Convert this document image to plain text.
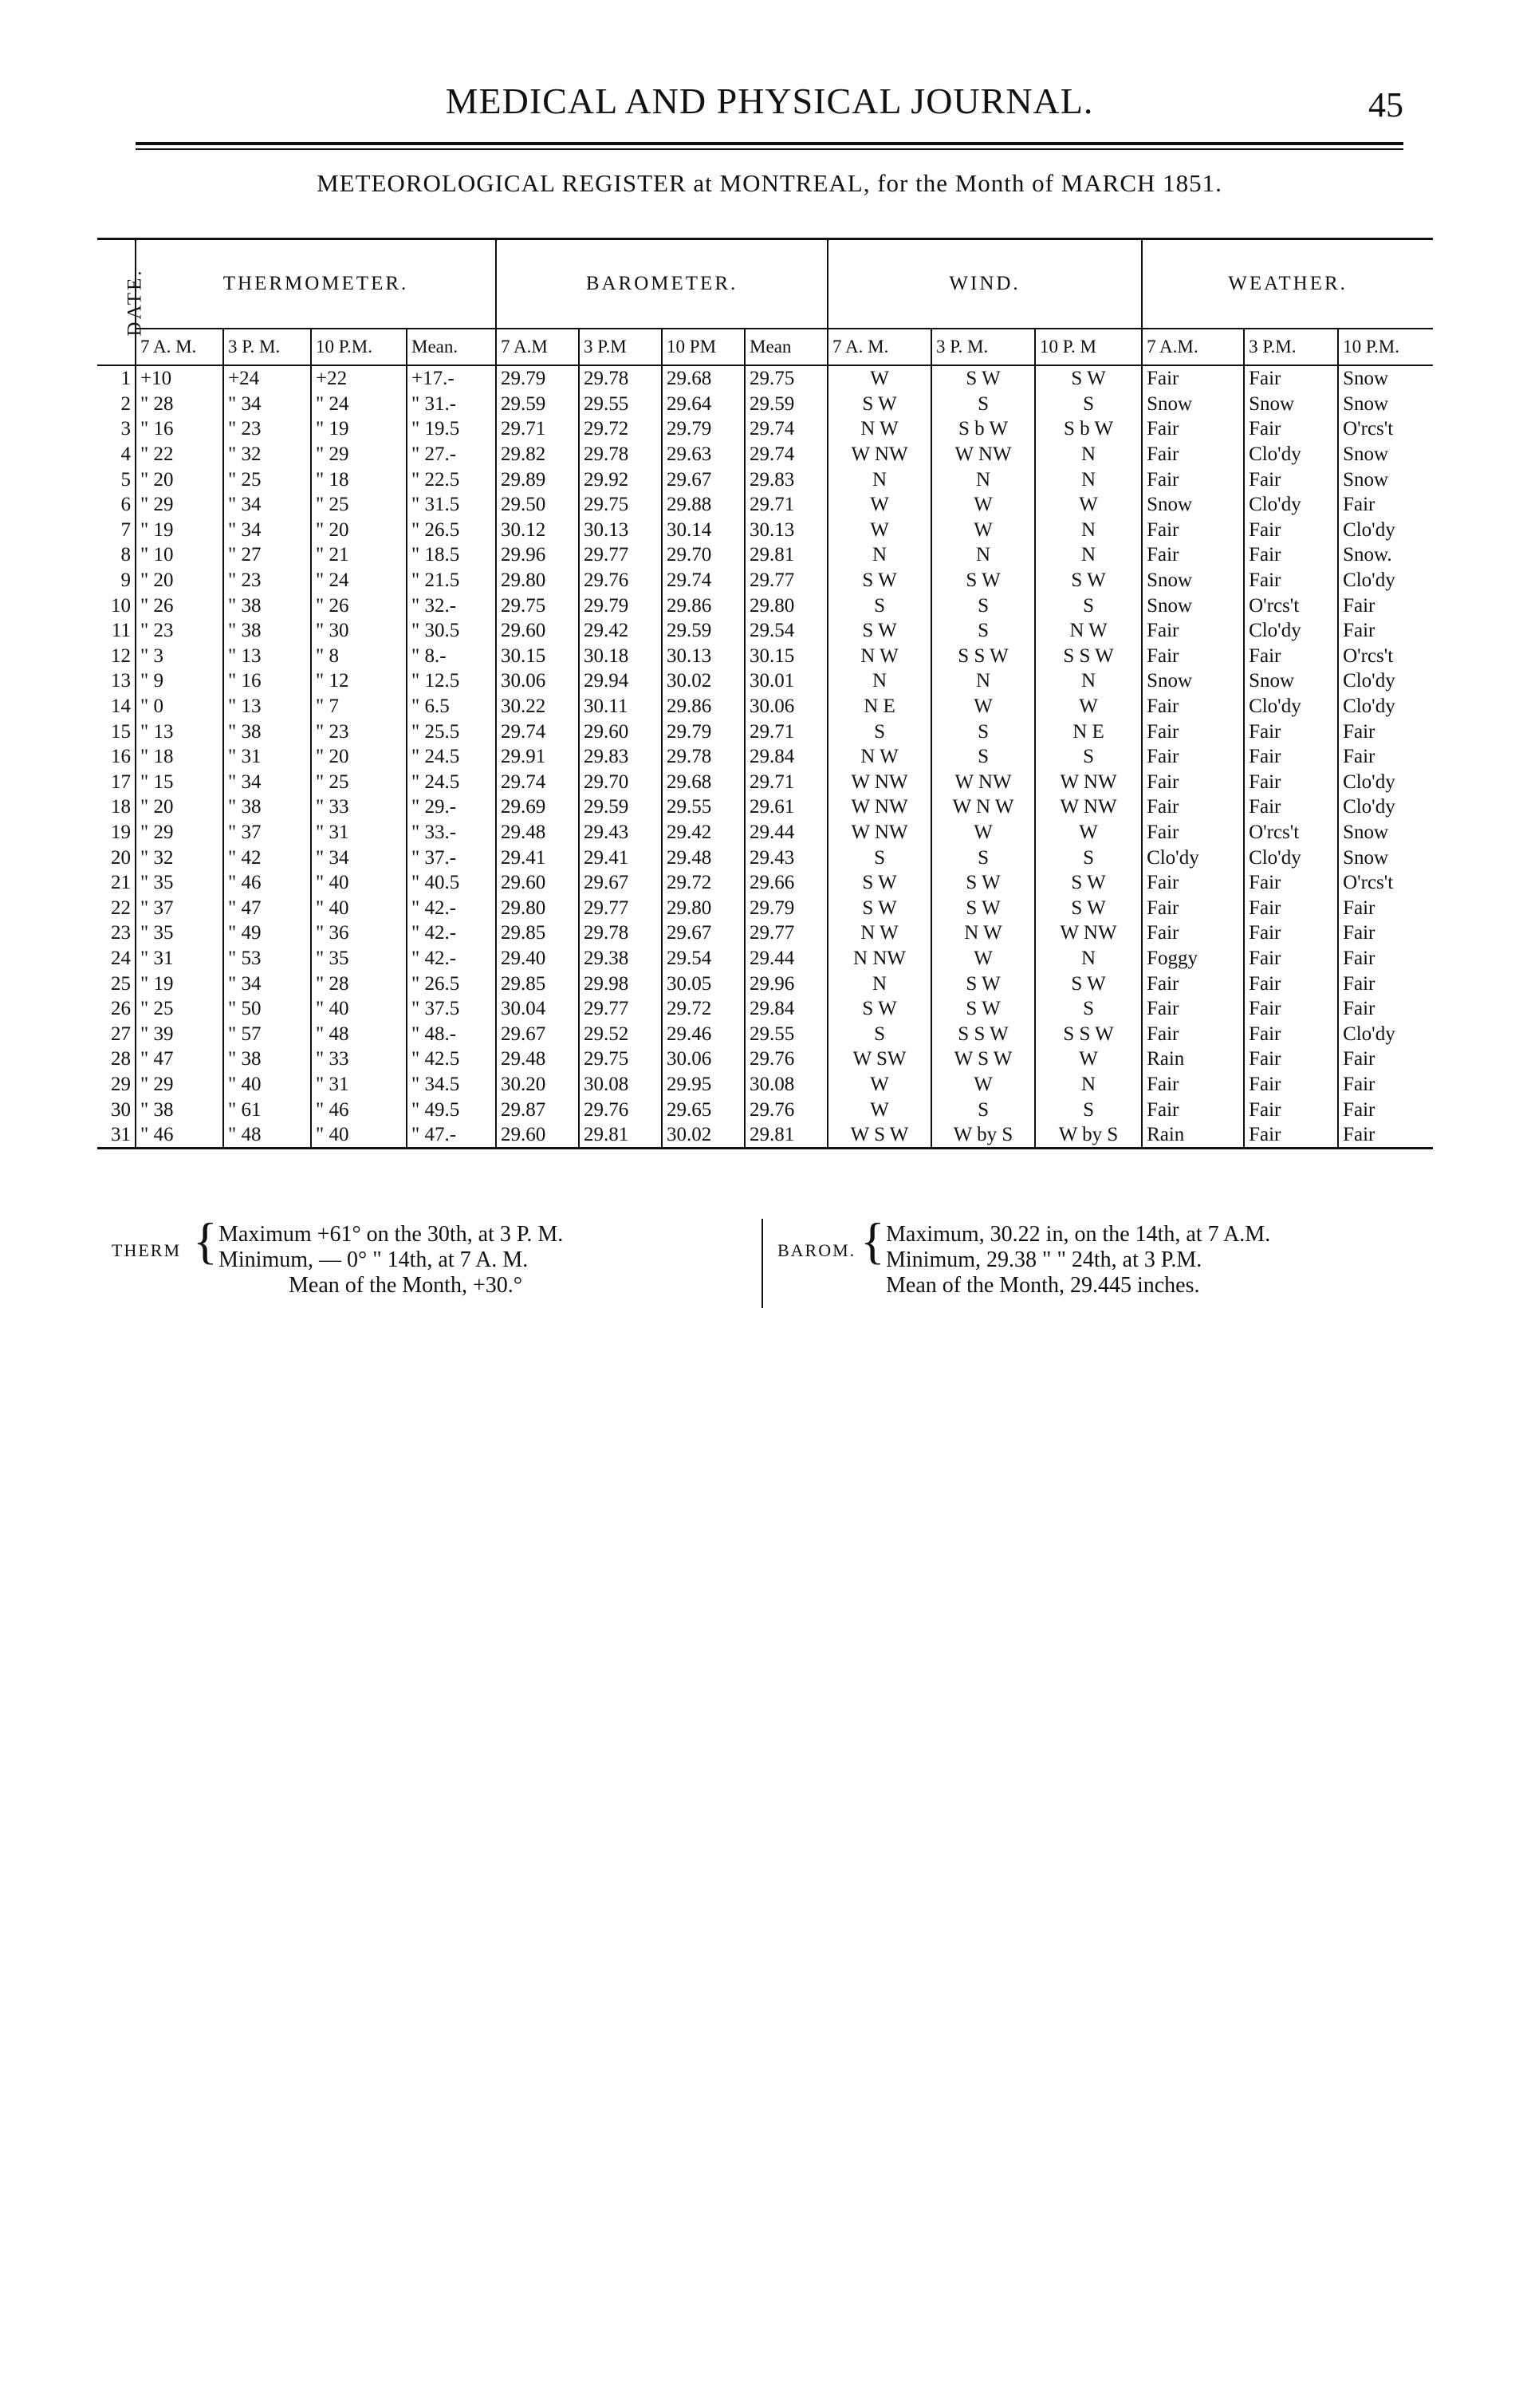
MEDICAL AND PHYSICAL JOURNAL.	45
METEOROLOGICAL REGISTER at MONTREAL, for the Month of MARCH 1851.
DATE.	THERMOMETER.				BAROMETER.				WIND.			WEATHER.		
	7 A. M.	3 P. M.	10 P.M.	Mean.	7 A.M	3 P.M	10 PM	Mean	7 A. M.	3 P. M.	10 P. M	7 A.M.	3 P.M.	10 P.M.
1	+10	+24	+22	+17.-	29.79	29.78	29.68	29.75	W	S W	S W	Fair	Fair	Snow
2	" 28	" 34	" 24	" 31.-	29.59	29.55	29.64	29.59	S W	S	S	Snow	Snow	Snow
3	" 16	" 23	" 19	" 19.5	29.71	29.72	29.79	29.74	N W	S b W	S b W	Fair	Fair	O'rcs't
4	" 22	" 32	" 29	" 27.-	29.82	29.78	29.63	29.74	W NW	W NW	N	Fair	Clo'dy	Snow
5	" 20	" 25	" 18	" 22.5	29.89	29.92	29.67	29.83	N	N	N	Fair	Fair	Snow
6	" 29	" 34	" 25	" 31.5	29.50	29.75	29.88	29.71	W	W	W	Snow	Clo'dy	Fair
7	" 19	" 34	" 20	" 26.5	30.12	30.13	30.14	30.13	W	W	N	Fair	Fair	Clo'dy
8	" 10	" 27	" 21	" 18.5	29.96	29.77	29.70	29.81	N	N	N	Fair	Fair	Snow.
9	" 20	" 23	" 24	" 21.5	29.80	29.76	29.74	29.77	S W	S W	S W	Snow	Fair	Clo'dy
10	" 26	" 38	" 26	" 32.-	29.75	29.79	29.86	29.80	S	S	S	Snow	O'rcs't	Fair
11	" 23	" 38	" 30	" 30.5	29.60	29.42	29.59	29.54	S W	S	N W	Fair	Clo'dy	Fair
12	" 3	" 13	" 8	" 8.-	30.15	30.18	30.13	30.15	N W	S S W	S S W	Fair	Fair	O'rcs't
13	" 9	" 16	" 12	" 12.5	30.06	29.94	30.02	30.01	N	N	N	Snow	Snow	Clo'dy
14	" 0	" 13	" 7	" 6.5	30.22	30.11	29.86	30.06	N E	W	W	Fair	Clo'dy	Clo'dy
15	" 13	" 38	" 23	" 25.5	29.74	29.60	29.79	29.71	S	S	N E	Fair	Fair	Fair
16	" 18	" 31	" 20	" 24.5	29.91	29.83	29.78	29.84	N W	S	S	Fair	Fair	Fair
17	" 15	" 34	" 25	" 24.5	29.74	29.70	29.68	29.71	W NW	W NW	W NW	Fair	Fair	Clo'dy
18	" 20	" 38	" 33	" 29.-	29.69	29.59	29.55	29.61	W NW	W N W	W NW	Fair	Fair	Clo'dy
19	" 29	" 37	" 31	" 33.-	29.48	29.43	29.42	29.44	W NW	W	W	Fair	O'rcs't	Snow
20	" 32	" 42	" 34	" 37.-	29.41	29.41	29.48	29.43	S	S	S	Clo'dy	Clo'dy	Snow
21	" 35	" 46	" 40	" 40.5	29.60	29.67	29.72	29.66	S W	S W	S W	Fair	Fair	O'rcs't
22	" 37	" 47	" 40	" 42.-	29.80	29.77	29.80	29.79	S W	S W	S W	Fair	Fair	Fair
23	" 35	" 49	" 36	" 42.-	29.85	29.78	29.67	29.77	N W	N W	W NW	Fair	Fair	Fair
24	" 31	" 53	" 35	" 42.-	29.40	29.38	29.54	29.44	N NW	W	N	Foggy	Fair	Fair
25	" 19	" 34	" 28	" 26.5	29.85	29.98	30.05	29.96	N	S W	S W	Fair	Fair	Fair
26	" 25	" 50	" 40	" 37.5	30.04	29.77	29.72	29.84	S W	S W	S	Fair	Fair	Fair
27	" 39	" 57	" 48	" 48.-	29.67	29.52	29.46	29.55	S	S S W	S S W	Fair	Fair	Clo'dy
28	" 47	" 38	" 33	" 42.5	29.48	29.75	30.06	29.76	W SW	W S W	W	Rain	Fair	Fair
29	" 29	" 40	" 31	" 34.5	30.20	30.08	29.95	30.08	W	W	N	Fair	Fair	Fair
30	" 38	" 61	" 46	" 49.5	29.87	29.76	29.65	29.76	W	S	S	Fair	Fair	Fair
31	" 46	" 48	" 40	" 47.-	29.60	29.81	30.02	29.81	W S W	W by S	W by S	Rain	Fair	Fair
THERM { Maximum +61° on the 30th, at 3 P. M.
Minimum, — 0° " 14th, at 7 A. M.
Mean of the Month, +30.°
BAROM. { Maximum, 30.22 in, on the 14th, at 7 A.M.
Minimum, 29.38 " " 24th, at 3 P.M.
Mean of the Month, 29.445 inches.
